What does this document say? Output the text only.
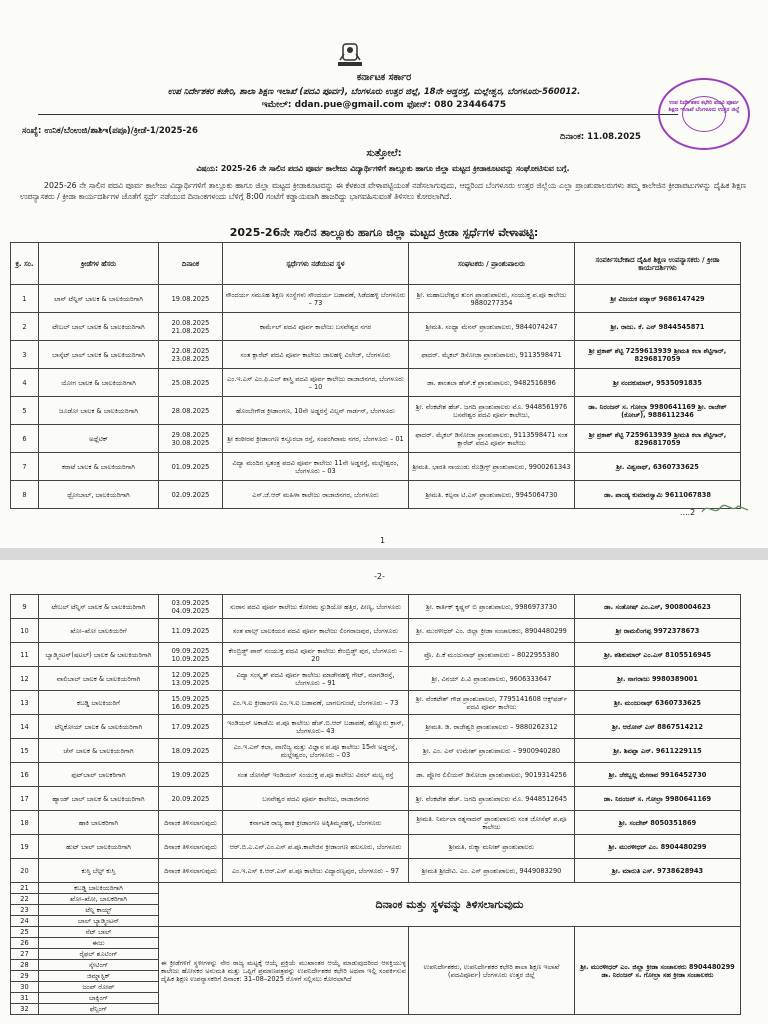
ಕರ್ನಾಟಕ ಸರ್ಕಾರ
ಉಪ ನಿರ್ದೇಶಕರ ಕಚೇರಿ, ಶಾಲಾ ಶಿಕ್ಷಣ ಇಲಾಖೆ (ಪದವಿ ಪೂರ್ವ), ಬೆಂಗಳೂರು ಉತ್ತರ ಜಿಲ್ಲೆ, 18ನೇ ಅಡ್ಡರಸ್ತೆ, ಮಲ್ಲೇಶ್ವರ, ಬೆಂಗಳೂರು-560012.
ಇಮೇಲ್: ddan.pue@gmail.com ಫೋನ್: 080 23446475	ಉಪ ನಿರ್ದೇಶಕರ ಕಛೇರಿ ಪದವಿ ಪೂರ್ವ ಶಿಕ್ಷಣ ಇಲಾಖೆ ಬೆಂಗಳೂರು ಉತ್ತರ ಜಿಲ್ಲೆ
ಸಂಖ್ಯೆ: ಉನಿಕ/ಬೆಂಉಜಿ/ಶಾಶಿಇ(ಪಪೂ)/ಕ್ರೀಡೆ-1/2025-26
ದಿನಾಂಕ: 11.08.2025
ಸುತ್ತೋಲೆ:
ವಿಷಯ: 2025-26 ನೇ ಸಾಲಿನ ಪದವಿ ಪೂರ್ವ ಕಾಲೇಜು ವಿದ್ಯಾರ್ಥಿಗಳಿಗೆ ತಾಲ್ಲೂಕು ಹಾಗೂ ಜಿಲ್ಲಾ ಮಟ್ಟದ ಕ್ರೀಡಾಕೂಟವನ್ನು ಸಂಘೋಟಿಸುವ ಬಗ್ಗೆ.
2025-26 ನೇ ಸಾಲಿನ ಪದವಿ ಪೂರ್ವ ಕಾಲೇಜು ವಿದ್ಯಾರ್ಥಿಗಳಿಗೆ ತಾಲ್ಲೂಕು ಹಾಗೂ ಜಿಲ್ಲಾ ಮಟ್ಟದ ಕ್ರೀಡಾಕೂಟವನ್ನು ಈ ಕೆಳಕಂಡ ವೇಳಾಪಟ್ಟಿಯಂತೆ ನಡೆಸಲಾಗುವುದು, ಆದ್ದರಿಂದ ಬೆಂಗಳೂರು ಉತ್ತರ ಜಿಲ್ಲೆಯ ಎಲ್ಲಾ ಪ್ರಾಂಶುಪಾಲರುಗಳು ತಮ್ಮ ಕಾಲೇಜಿನ ಕ್ರೀಡಾಪಟುಗಳನ್ನು ದೈಹಿಕ ಶಿಕ್ಷಣ ಉಪನ್ಯಾಸಕರು / ಕ್ರೀಡಾ ಕಾರ್ಯದರ್ಶಿಗಳ ಜೊತೆಗೆ ಸ್ಪರ್ಧೆ ನಡೆಯುವ ದಿನಾಂಕಗಳಂದು ಬೆಳಿಗ್ಗೆ 8:00 ಗಂಟೆಗೆ ಕಡ್ಡಾಯವಾಗಿ ಹಾಜರಿದ್ದು ಭಾಗವಹಿಸುವಂತೆ ತಿಳಿಸಲು ಕೋರಲಾಗಿದೆ.
2025-26ನೇ ಸಾಲಿನ ತಾಲ್ಲೂಕು ಹಾಗೂ ಜಿಲ್ಲಾ ಮಟ್ಟದ ಕ್ರೀಡಾ ಸ್ಪರ್ಧೆಗಳ ವೇಳಾಪಟ್ಟಿ:
ಕ್ರ. ಸಂ.	ಕ್ರೀಡೆಗಳ ಹೆಸರು	ದಿನಾಂಕ	ಸ್ಪರ್ಧೆಗಳು ನಡೆಯುವ ಸ್ಥಳ	ಸಂಘಟಕರು / ಪ್ರಾಂಶುಪಾಲರು	ಸಂಪರ್ಕಿಸಬೇಕಾದ ದೈಹಿಕ ಶಿಕ್ಷಣ ಉಪನ್ಯಾಸಕರು / ಕ್ರೀಡಾ ಕಾರ್ಯದರ್ಶಿಗಳು
1	ಲಾನ್ ಟೆನ್ನಿಸ್ ಬಾಲಕ & ಬಾಲಕಿಯರಿಗಾಗಿ	19.08.2025	ಸೌಂದರ್ಯ ಸಮೂಹ ಶಿಕ್ಷಣ ಸಂಸ್ಥೆಗಳು ಸೌಂದರ್ಯ ಬಡಾವಣೆ, ಸಿಡೆದಹಳ್ಳಿ ಬೆಂಗಳೂರು – 73	ಶ್ರೀ. ಮಹಾಬಲೇಶ್ವರ ತುಂಗ ಪ್ರಾಂಶುಪಾಲರು, ಸಂಯುಕ್ತ ಪ.ಪೂ ಕಾಲೇಜು 9880277354	ಶ್ರೀ ವಿಜಯಕ ಪಡ್ಕಾರ್ 9686147429
2	ಟೇಬಲ್ ಬಾಲ್ ಬಾಲಕ & ಬಾಲಕಿಯರಿಗಾಗಿ	20.08.2025 21.08.2025	ಕಾರ್ಮೆಲ್ ಪದವಿ ಪೂರ್ವ ಕಾಲೇಜು ಬಸವೇಶ್ವರ ನಗರ	ಶ್ರೀಮತಿ. ಸಂಧ್ಯಾ ಮೆನನ್ ಪ್ರಾಂಶುಪಾಲರು, 9844074247	ಶ್ರೀ. ರಾಜು. ಕೆ. ಎನ್ 9844545871
3	ಬಾಸ್ಕೆಟ್ ಬಾಲ್ ಬಾಲಕ & ಬಾಲಕಿಯರಿಗಾಗಿ	22.08.2025 23.08.2025	ಸಂತ ಕ್ಲಾರೆಟ್ ಪದವಿ ಪೂರ್ವ ಕಾಲೇಜು ಜಾಲಹಳ್ಳಿ ವಿಲೇಜ್, ಬೆಂಗಳೂರು	ಫಾದರ್. ಮೈಕಲ್ ಡಿಸೋಜಾ ಪ್ರಾಂಶುಪಾಲರು, 9113598471	ಶ್ರೀ ಪ್ರಕಾಶ್ ಶೆಟ್ಟಿ 7259613939 ಶ್ರೀಮತಿ ಕಲಾ ಶೆಟ್ಟಿಗಾರ್, 8296817059
4	ಯೋಗ ಬಾಲಕ & ಬಾಲಕಿಯರಿಗಾಗಿ	25.08.2025	ಎಂ.ಇ.ಎಸ್ ಎಂ.ಫಿ.ಎಲ್ ಶಾಸ್ತ್ರಿ ಪದವಿ ಪೂರ್ವ ಕಾಲೇಜು ರಾಜಾಜಿನಗರ, ಬೆಂಗಳೂರು – 10	ಡಾ. ಶಾಂತಲಾ ಹೆಚ್.ಕೆ ಪ್ರಾಂಶುಪಾಲರು, 9482516896	ಶ್ರೀ ನಂದಕುಮಾರ್, 9535091835
5	ಜೂಡೋ ಬಾಲಕ & ಬಾಲಕಿಯರಿಗಾಗಿ	28.08.2025	ಹೊಂಬೇಗೌಡ ಕ್ರೀಡಾಂಗಣ, 10ನೇ ಅಡ್ಡರಸ್ತೆ ವಿಲ್ಸನ್ ಗಾರ್ಡನ್, ಬೆಂಗಳೂರು	ಶ್ರೀ. ವೆಂಕಟೇಶ ಹೆಚ್. ಜಗದಿ ಪ್ರಾಂಶುಪಾಲರು ಮೊ. 9448561976 ಬಸವೇಶ್ವರ ಪದವಿ ಪೂರ್ವ ಕಾಲೇಜು,	ಡಾ. ನಿರಂಜನ್ ಸ. ಗೋಲ್ರಾ 9980641169 ಶ್ರೀ. ರಾಜೇಶ್ (ಕೋಚ್), 9886112346
6	ಅಥ್ಲೆಟಿಕ್	29.08.2025 30.08.2025	ಶ್ರೀ ಕಂಠೀರವ ಕ್ರೀಡಾಂಗಣ ಕಸ್ತೂರಬಾ ರಸ್ತೆ, ಸಂಪಂಗಿರಾಮ ನಗರ, ಬೆಂಗಳೂರು – 01	ಫಾದರ್. ಮೈಕಲ್ ಡಿಸೋಜಾ ಪ್ರಾಂಶುಪಾಲರು, 9113598471 ಸಂತ ಕ್ಲಾರೆಟ್ ಪದವಿ ಪೂರ್ವ ಕಾಲೇಜು	ಶ್ರೀ ಪ್ರಕಾಶ್ ಶೆಟ್ಟಿ 7259613939 ಶ್ರೀಮತಿ ಕಲಾ ಶೆಟ್ಟಿಗಾರ್, 8296817059
7	ಕರಾಟೆ ಬಾಲಕ & ಬಾಲಕಿಯರಿಗಾಗಿ	01.09.2025	ವಿದ್ಯಾ ಮಂದಿರ ಸ್ವತಂತ್ರ ಪದವಿ ಪೂರ್ವ ಕಾಲೇಜು 11ನೇ ಅಡ್ಡರಸ್ತೆ, ಮಲ್ಲೇಶ್ವರಂ, ಬೆಂಗಳೂರು – 03	ಶ್ರೀಮತಿ. ಭಾರತಿ ನಾಯುಡು ರೊಡ್ರಿಗ್ಸ್ ಪ್ರಾಂಶುಪಾಲರು, 9900261343	ಶ್ರೀ. ವಿಶ್ವನಾಥ್, 6360733625
8	ಥ್ರೋಬಾಲ್, ಬಾಲಕಿಯರಿಗಾಗಿ	02.09.2025	ಎಸ್.ಜೆ.ಆರ್ ಮಹಿಳಾ ಕಾಲೇಜು ರಾಜಾಜಿನಗರ, ಬೆಂಗಳೂರು	ಶ್ರೀಮತಿ. ಕಲ್ಪನಾ ಟಿ.ಎಸ್ ಪ್ರಾಂಶುಪಾಲರು, 9945064730	ಡಾ. ಪಾಂಡ್ಯ ಕುಮಾರಸ್ವಾಮಿ 9611067838
....2
1
-2-
9	ಟೇಬಲ್ ಟೆನ್ನಿಸ್ ಬಾಲಕ & ಬಾಲಕಿಯರಿಗಾಗಿ	03.09.2025 04.09.2025	ಸುರಾನ ಪದವಿ ಪೂರ್ವ ಕಾಲೇಜು ಕೋರಮ ಸ್ಟುಡಿಯೋ ಹತ್ತಿರ, ಪೀಣ್ಯ, ಬೆಂಗಳೂರು	ಶ್ರೀ. ಕಾರ್ತಿಕ್ ಕೃಷ್ಣನ್ ಬಿ ಪ್ರಾಂಶುಪಾಲರು, 9986973730	ಡಾ. ಸಂತೋಷ್ ಎಂ.ಎಸ್, 9008004623
10	ಖೋ–ಖೋ ಬಾಲಕಿಯರಿಗೆ	11.09.2025	ಸಂತ ಪಾಲ್ಸ್ ಬಾಲಕಿಯರ ಪದವಿ ಪೂರ್ವ ಕಾಲೇಜು ಲಿಂಗರಾಜಪುರ, ಬೆಂಗಳೂರು	ಶ್ರೀ. ಮುರಳೀಧರ್ ಎಂ. ಜಿಲ್ಲಾ ಕ್ರೀಡಾ ಸಂಚಾಲಕರು, 8904480299	ಶ್ರೀ ರಾಮಲಿಂಗಪ್ಪ 9972378673
11	ಬ್ಯಾಡ್ಮಿಂಟನ್(ಷಟಲ್) ಬಾಲಕ & ಬಾಲಕಿಯರಿಗಾಗಿ	09.09.2025 10.09.2025	ಕೇಂಬ್ರಿಡ್ಜ್ ಪಾರ್ ಸಂಯುಕ್ತ ಪದವಿ ಪೂರ್ವ ಕಾಲೇಜು ಕೇಂಬ್ರಿಡ್ಜ್ ಪುರ, ಬೆಂಗಳೂರು – 20	ಪ್ರೊ. ಪಿ.ಕೆ ಮಂಜುನಾಥ್ ಪ್ರಾಂಶುಪಾಲರು – 8022955380	ಶ್ರೀ. ಶಶಿಕುಮಾರ್ ಎಂ.ಎಸ್ 8105516945
12	ವಾಲಿಬಾಲ್ ಬಾಲಕ & ಬಾಲಕಿಯರಿಗಾಗಿ	12.09.2025 13.09.2025	ವಿದ್ಯಾ ಸಂಸ್ಕೃತ್ ಪದವಿ ಪೂರ್ವ ಕಾಲೇಜು ಮಾಡೇನಹಳ್ಳಿ ಗೇಟ್, ಮಾಗಡಿರಸ್ತೆ, ಬೆಂಗಳೂರು – 91	ಶ್ರೀ. ವಿನಯ್ ಪಿ.ವಿ ಪ್ರಾಂಶುಪಾಲರು, 9606333647	ಶ್ರೀ. ನಾಗರಾಜು 9980389001
13	ಕಬಡ್ಡಿ ಬಾಲಕಿಯರಿಗೆ	15.09.2025 16.09.2025	ಎಂ.ಇ.ಐ ಕ್ರೀಡಾಂಗಣ ಎಂ.ಇ.ಐ ಬಡಾವಣೆ, ಬಾಗಲಗುಂಟೆ, ಬೆಂಗಳೂರು – 73	ಶ್ರೀ. ವೆಂಕಟೇಶ್ ಗೌಡ ಪ್ರಾಂಶುಪಾಲರು, 7795141608 ಆಕ್ಸ್‌ಫರ್ಡ್ ಪದವಿ ಪೂರ್ವ ಕಾಲೇಜು	ಶ್ರೀ. ಮಂಜುನಾಥ್ 6360733625
14	ಟೆನ್ನಿಕೋಯ್ ಬಾಲಕ & ಬಾಲಕಿಯರಿಗಾಗಿ	17.09.2025	ಇಂಡಿಯನ್ ಅಕಾಡೆಮಿ ಪ.ಪೂ ಕಾಲೇಜು ಹೆಚ್.ಬಿ.ಆರ್ ಬಡಾವಣೆ, ಹೆಣ್ಣೂರು ಕ್ರಾಸ್, ಬೆಂಗಳೂರು– 43	ಶ್ರೀಮತಿ. ಡಿ. ರಾಜೇಶ್ವರಿ ಪ್ರಾಂಶುಪಾಲರು – 9880262312	ಶ್ರೀ. ಆರೋನ್ ಎಸ್ 8867514212
15	ಚೆಸ್ ಬಾಲಕ & ಬಾಲಕಿಯರಿಗಾಗಿ	18.09.2025	ಎಂ.ಇ.ಎಸ್ ಕಲಾ, ವಾಣಿಜ್ಯ ಮತ್ತು ವಿಜ್ಞಾನ ಪ.ಪೂ ಕಾಲೇಜು 15ನೇ ಅಡ್ಡರಸ್ತೆ, ಮಲ್ಲೇಶ್ವರಂ, ಬೆಂಗಳೂರು – 03	ಶ್ರೀ. ಎಂ. ಎನ್ ಉಮೇಶ್ ಪ್ರಾಂಶುಪಾಲರು – 9900940280	ಶ್ರೀ. ಶಿವಪ್ಪಾ ಎನ್. 9611229115
16	ಫುಟ್‌ಬಾಲ್ ಬಾಲಕರಿಗಾಗಿ	19.09.2025	ಸಂತ ಜೋಸೆಫ್ ಇಂಡಿಯನ್ ಸಂಯುಕ್ತ ಪ.ಪೂ ಕಾಲೇಜು ವಿಠಲ್ ಮಲ್ಯ ರಸ್ತೆ	ಡಾ. ಪ್ಲೋರ ಲಿಲಿಯನ್ ಡಿಸೋಜಾ ಪ್ರಾಂಶುಪಾಲರು, 9019314256	ಶ್ರೀ. ಜೆಕಬ್ಬಲ್ಲ ಮೇನಾವ 9916452730
17	ಹ್ಯಾಂಡ್ ಬಾಲ್ ಬಾಲಕ & ಬಾಲಕಿಯರಿಗಾಗಿ	20.09.2025	ಬಸವೇಶ್ವರ ಪದವಿ ಪೂರ್ವ ಕಾಲೇಜು, ರಾಜಾಜಿನಗರ	ಶ್ರೀ. ವೆಂಕಟೇಶ ಹೆಚ್. ಜಗದಿ ಪ್ರಾಂಶುಪಾಲರು ಮೊ. 9448512645	ಡಾ. ನಿರಂಜನ್ ಸ. ಗೋಲ್ರಾ 9980641169
18	ಹಾಕಿ ಬಾಲಕರಿಗಾಗಿ	ದಿನಾಂಕ ತಿಳಿಸಲಾಗುವುದು	ಕರ್ನಾಟಕ ರಾಜ್ಯ ಹಾಕಿ ಕ್ರೀಡಾಂಗಣ ಅಕ್ಕಿತಿಮ್ಮನಹಳ್ಳಿ, ಬೆಂಗಳೂರು	ಶ್ರೀಮತಿ. ನಿರ್ಮಲಾ ರತ್ನನಾದನ್ ಪ್ರಾಂಶುಪಾಲರು ಸಂತ ಜೋಸೆಫ್ ಪ.ಪೂ ಕಾಲೇಜು	ಶ್ರೀ. ಸಂದೇಶ್ 8050351869
19	ಹುಟ್ ಬಾಲ್ ಬಾಲಕಿಯರಿಗಾಗಿ	ದಿನಾಂಕ ತಿಳಿಸಲಾಗುವುದು	ಆರ್.ಬಿ.ಎ.ಎನ್.ಎಂ.ಎಸ್ ಪ.ಪೂ.ಕಾಲೇಜಿನ ಕ್ರೀಡಾಂಗಣ ಹಲಸೂರು, ಬೆಂಗಳೂರು	ಶ್ರೀಮತಿ. ರುಕ್ಮಾ ಮನೀಶ್ ಪ್ರಾಂಶುಪಾಲರು	ಶ್ರೀ. ಮುರಳೀಧರ್ ಎಂ. 8904480299
20	ಕುಸ್ತಿ ಬೆಲ್ಟ್ ಕುಸ್ತಿ	ದಿನಾಂಕ ತಿಳಿಸಲಾಗುವುದು	ಎಂ.ಇ.ಎಸ್ ಕಿ.ಆರ್.ಎಸ್ ಪ.ಪೂ ಕಾಲೇಜು ವಿದ್ಯಾರಣ್ಯಪುರ, ಬೆಂಗಳೂರು – 97	ಶ್ರೀಮತಿ ಶ್ರೀದೇವಿ. ಎಂ. ಎಸ್ ಪ್ರಾಂಶುಪಾಲರು, 9449083290	ಶ್ರೀ. ಮಾರುತಿ ಎಸ್. 9738628943
21	ಕಬಡ್ಡಿ ಬಾಲಕಿಯರಿಗಾಗಿ	ದಿನಾಂಕ ಮತ್ತು ಸ್ಥಳವನ್ನು ತಿಳಿಸಲಾಗುವುದು			
22	ಖೋ–ಖೋ, ಬಾಲಕರಿಗಾಗಿ				
23	ಟೆನ್ನಿ ಕಾಯ್ಟ್				
24	ಬಾಲ್ ಬ್ಯಾಡ್ಮಿಂಟನ್				
25	ನೆಟ್ ಬಾಲ್	ಈ ಕ್ರೀಡೆಗಳಿಗೆ ಸ್ಥಳೀಗಳನ್ನು ನೇರ ರಾಜ್ಯ ಮಟ್ಟಕ್ಕೆ ಆಯ್ಕೆ ಪ್ರಕ್ರಿಯೆ ಮುಖಾಂತರ ಆಯ್ಕೆ ಮಾಡುವುದರಿಂದ ಆಸಕ್ತಿಯುಳ್ಳ ಕಾಲೇಜು ಹೋಸಕರ ಅನುಮತಿ ಮತ್ತು ಒಪ್ಪಿಗೆ ಪ್ರಮಾಣಪತ್ರವನ್ನು ಉಪನಿರ್ದೇಶಕರ ಕಛೇರಿ ಅಥವಾ ಇಲ್ಲಿ ಸಂಪರ್ಕಿಸುವ ದೈಹಿಕ ಶಿಕ್ಷಣ ಉಪನ್ಯಾಸಕರಿಗೆ ದಿನಾಂಕ: 31–08–2025 ರೊಳಗೆ ಸಲ್ಲಿಸಲು ಕೋರಲಾಗಿದೆ		ಉಪನಿರ್ದೇಶಕರು, ಉಪನಿರ್ದೇಶಕರ ಕಛೇರಿ ಶಾಲಾ ಶಿಕ್ಷಣ ಇಲಾಖೆ (ಪದವಿಪೂರ್ವ) ಬೆಂಗಳೂರು ಉತ್ತರ ಜಿಲ್ಲೆ	ಶ್ರೀ. ಮುರಳೀಧರ್ ಎಂ. ಜಿಲ್ಲಾ ಕ್ರೀಡಾ ಸಂಚಾಲಕರು 8904480299 ಡಾ. ನಿರಂಜನ್ ಸ. ಗೋಲ್ರಾ ಸಹ ಕ್ರೀಡಾ ಸಂಚಾಲಕರು
26	ಈಜು				
27	ರೈಫಲ್ ಶೂಟಿಂಗ್				
28	ಸ್ಕೇಟಿಂಗ್				
29	ಜಿಮ್ನಾಸ್ಟಿಕ್				
30	ಜಂಪ್ ರೋಪ್				
31	ಬಾಕ್ಸಿಂಗ್				
32	ಫೆನ್ಸಿಂಗ್				
